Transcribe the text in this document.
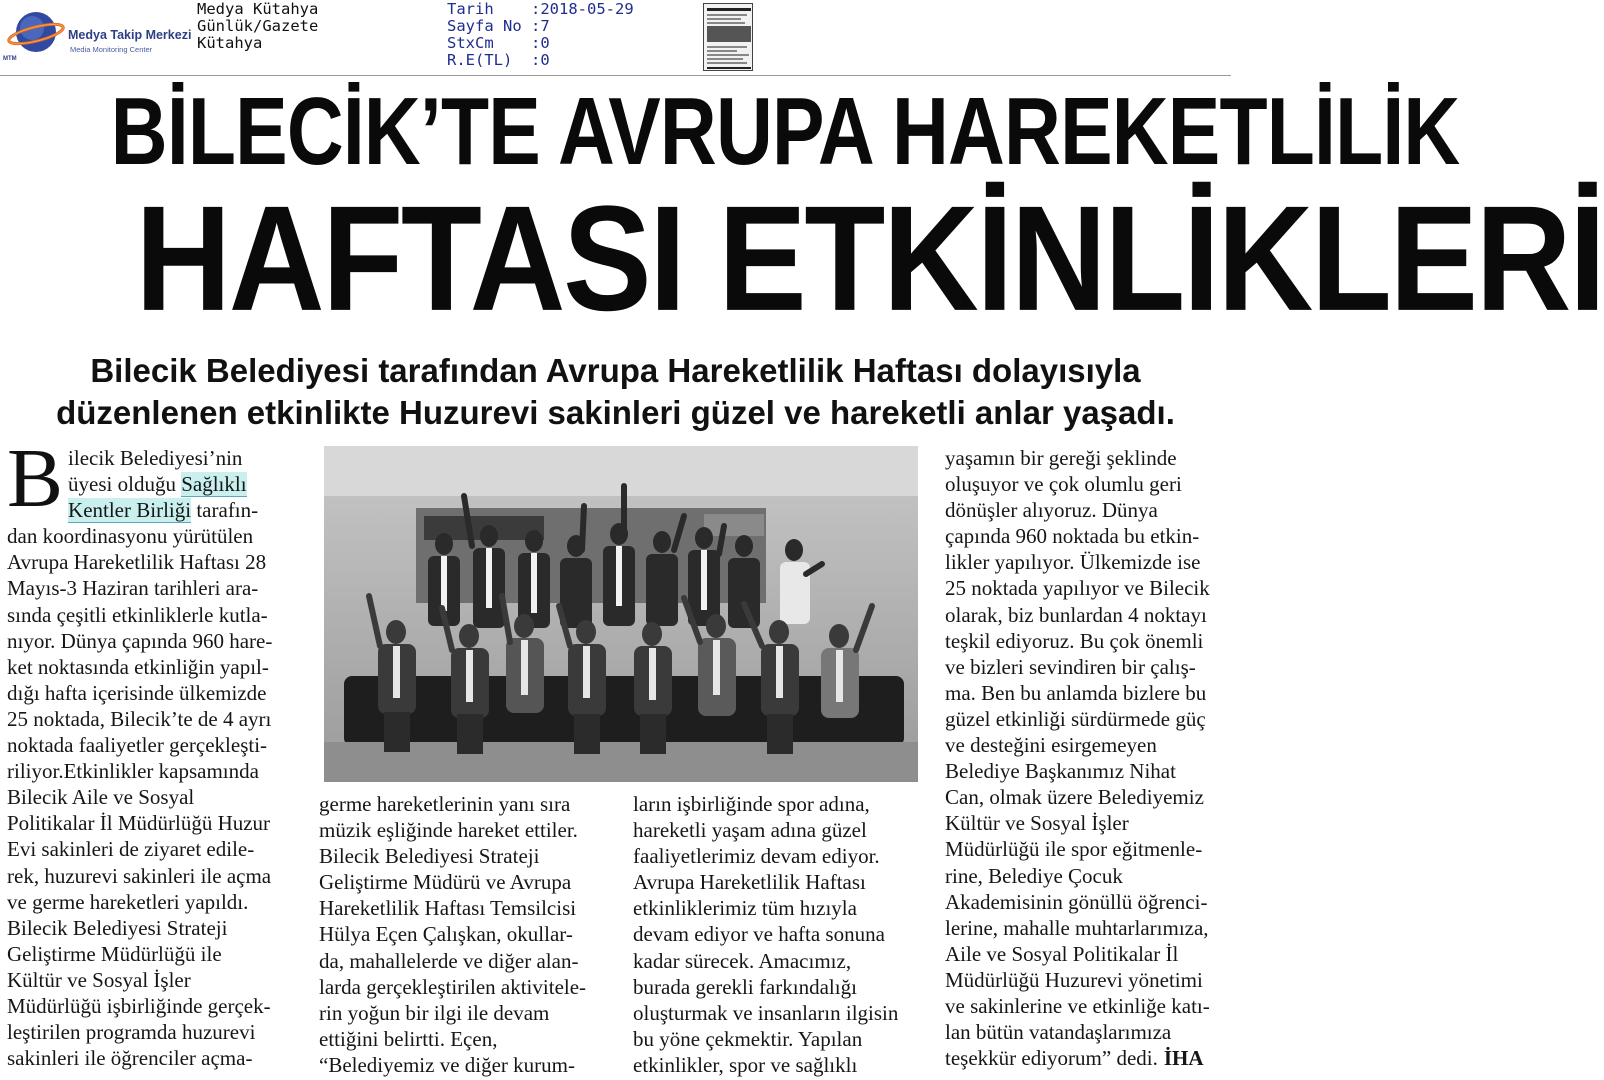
Medya Takip Merkezi
Media Monitoring Center
MTM
Medya Kütahya
Günlük/Gazete
Kütahya
Tarih	:2018-05-29
Sayfa No :7
StxCm	:0
R.E(TL)	:0
BİLECİK’TE AVRUPA HAREKETLİLİK
HAFTASI ETKİNLİKLERİ
Bilecik Belediyesi tarafından Avrupa Hareketlilik Haftası dolayısıyla
düzenlenen etkinlikte Huzurevi sakinleri güzel ve hareketli anlar yaşadı.
B ilecik Belediyesi’nin
üyesi olduğu Sağlıklı
Kentler Birliği tarafın-
dan koordinasyonu yürütülen
Avrupa Hareketlilik Haftası 28
Mayıs-3 Haziran tarihleri ara-
sında çeşitli etkinliklerle kutla-
nıyor. Dünya çapında 960 hare-
ket noktasında etkinliğin yapıl-
dığı hafta içerisinde ülkemizde
25 noktada, Bilecik’te de 4 ayrı
noktada faaliyetler gerçekleşti-
riliyor.Etkinlikler kapsamında
Bilecik Aile ve Sosyal
Politikalar İl Müdürlüğü Huzur
Evi sakinleri de ziyaret edile-
rek, huzurevi sakinleri ile açma
ve germe hareketleri yapıldı.
Bilecik Belediyesi Strateji
Geliştirme Müdürlüğü ile
Kültür ve Sosyal İşler
Müdürlüğü işbirliğinde gerçek-
leştirilen programda huzurevi
sakinleri ile öğrenciler açma-
germe hareketlerinin yanı sıra
müzik eşliğinde hareket ettiler.
Bilecik Belediyesi Strateji
Geliştirme Müdürü ve Avrupa
Hareketlilik Haftası Temsilcisi
Hülya Eçen Çalışkan, okullar-
da, mahallelerde ve diğer alan-
larda gerçekleştirilen aktivitele-
rin yoğun bir ilgi ile devam
ettiğini belirtti. Eçen,
“Belediyemiz ve diğer kurum-
ların işbirliğinde spor adına,
hareketli yaşam adına güzel
faaliyetlerimiz devam ediyor.
Avrupa Hareketlilik Haftası
etkinliklerimiz tüm hızıyla
devam ediyor ve hafta sonuna
kadar sürecek. Amacımız,
burada gerekli farkındalığı
oluşturmak ve insanların ilgisin
bu yöne çekmektir. Yapılan
etkinlikler, spor ve sağlıklı
yaşamın bir gereği şeklinde
oluşuyor ve çok olumlu geri
dönüşler alıyoruz. Dünya
çapında 960 noktada bu etkin-
likler yapılıyor. Ülkemizde ise
25 noktada yapılıyor ve Bilecik
olarak, biz bunlardan 4 noktayı
teşkil ediyoruz. Bu çok önemli
ve bizleri sevindiren bir çalış-
ma. Ben bu anlamda bizlere bu
güzel etkinliği sürdürmede güç
ve desteğini esirgemeyen
Belediye Başkanımız Nihat
Can, olmak üzere Belediyemiz
Kültür ve Sosyal İşler
Müdürlüğü ile spor eğitmenle-
rine, Belediye Çocuk
Akademisinin gönüllü öğrenci-
lerine, mahalle muhtarlarımıza,
Aile ve Sosyal Politikalar İl
Müdürlüğü Huzurevi yönetimi
ve sakinlerine ve etkinliğe katı-
lan bütün vatandaşlarımıza
teşekkür ediyorum” dedi. İHA
